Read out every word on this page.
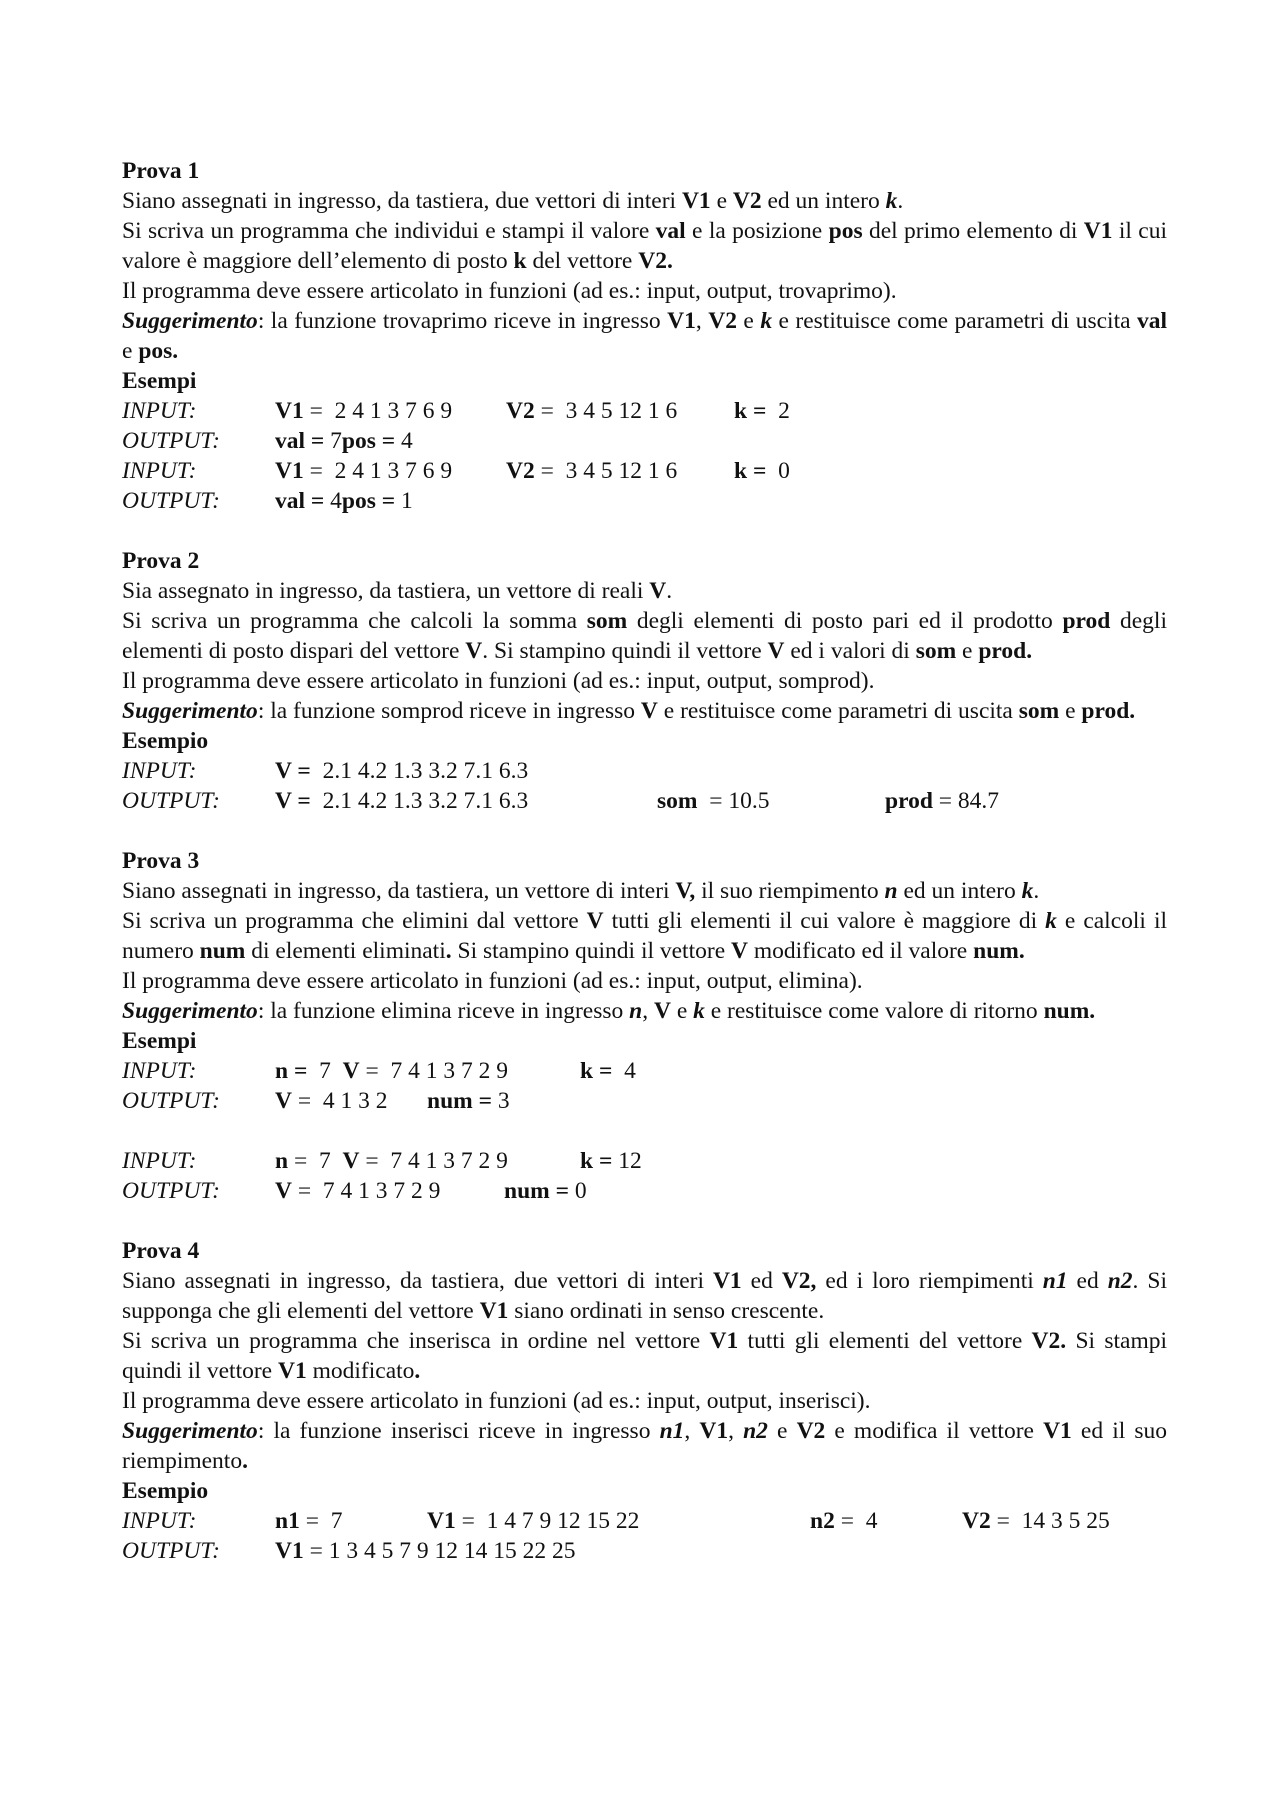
Prova 1
Siano assegnati in ingresso, da tastiera, due vettori di interi V1 e V2 ed un intero k.
Si scriva un programma che individui e stampi il valore val e la posizione pos del primo elemento di V1 il cui valore è maggiore dell’elemento di posto k del vettore V2.
Il programma deve essere articolato in funzioni (ad es.: input, output, trovaprimo).
Suggerimento: la funzione trovaprimo riceve in ingresso V1, V2 e k e restituisce come parametri di uscita val e pos.
Esempi
INPUT:	V1 =  2 4 1 3 7 6 9	V2 =  3 4 5 12 1 6	k =  2
OUTPUT:	val = 7 pos = 4
INPUT:	V1 =  2 4 1 3 7 6 9	V2 =  3 4 5 12 1 6	k =  0
OUTPUT:	val = 4 pos = 1
Prova 2
Sia assegnato in ingresso, da tastiera, un vettore di reali V.
Si scriva un programma che calcoli la somma som degli elementi di posto pari ed il prodotto prod degli elementi di posto dispari del vettore V. Si stampino quindi il vettore V ed i valori di som e prod.
Il programma deve essere articolato in funzioni (ad es.: input, output, somprod).
Suggerimento: la funzione somprod riceve in ingresso V e restituisce come parametri di uscita som e prod.
Esempio
INPUT:	V = 2.1 4.2 1.3 3.2 7.1 6.3
OUTPUT:	V =  2.1 4.2 1.3 3.2 7.1 6.3	som  = 10.5	prod = 84.7
Prova 3
Siano assegnati in ingresso, da tastiera, un vettore di interi V, il suo riempimento n ed un intero k.
Si scriva un programma che elimini dal vettore V tutti gli elementi il cui valore è maggiore di k e calcoli il numero num di elementi eliminati. Si stampino quindi il vettore V modificato ed il valore num.
Il programma deve essere articolato in funzioni (ad es.: input, output, elimina).
Suggerimento: la funzione elimina riceve in ingresso n, V e k e restituisce come valore di ritorno num.
Esempi
INPUT:	n =  7  V =  7 4 1 3 7 2 9	k =  4
OUTPUT:	V =  4 1 3 2	num = 3
INPUT:	n =  7  V =  7 4 1 3 7 2 9	k = 12
OUTPUT:	V =  7 4 1 3 7 2 9	num = 0
Prova 4
Siano assegnati in ingresso, da tastiera, due vettori di interi V1 ed V2, ed i loro riempimenti n1 ed n2. Si supponga che gli elementi del vettore V1 siano ordinati in senso crescente.
Si scriva un programma che inserisca in ordine nel vettore V1 tutti gli elementi del vettore V2. Si stampi quindi il vettore V1 modificato.
Il programma deve essere articolato in funzioni (ad es.: input, output, inserisci).
Suggerimento: la funzione inserisci riceve in ingresso n1, V1, n2 e V2 e modifica il vettore V1 ed il suo riempimento.
Esempio
INPUT:	n1 =  7	V1 =  1 4 7 9 12 15 22	n2 =  4	V2 =  14 3 5 25
OUTPUT:	V1 = 1 3 4 5 7 9 12 14 15 22 25
